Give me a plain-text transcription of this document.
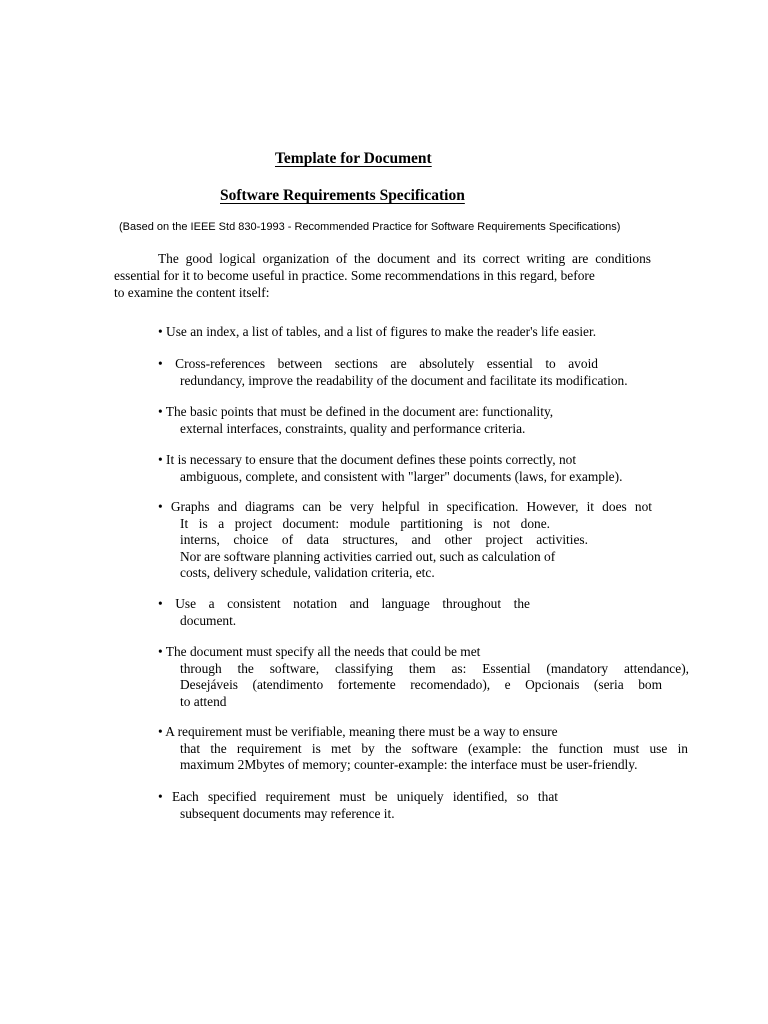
Template for Document
Software Requirements Specification
(Based on the IEEE Std 830-1993 - Recommended Practice for Software Requirements Specifications)
The good logical organization of the document and its correct writing are conditions
essential for it to become useful in practice. Some recommendations in this regard, before
to examine the content itself:
• Use an index, a list of tables, and a list of figures to make the reader's life easier.
• Cross-references between sections are absolutely essential to avoid
redundancy, improve the readability of the document and facilitate its modification.
• The basic points that must be defined in the document are: functionality,
external interfaces, constraints, quality and performance criteria.
• It is necessary to ensure that the document defines these points correctly, not
ambiguous, complete, and consistent with "larger" documents (laws, for example).
• Graphs and diagrams can be very helpful in specification. However, it does not
It is a project document: module partitioning is not done.
interns, choice of data structures, and other project activities.
Nor are software planning activities carried out, such as calculation of
costs, delivery schedule, validation criteria, etc.
• Use a consistent notation and language throughout the
document.
• The document must specify all the needs that could be met
through the software, classifying them as: Essential (mandatory attendance),
Desejáveis (atendimento fortemente recomendado), e Opcionais (seria bom
to attend
• A requirement must be verifiable, meaning there must be a way to ensure
that the requirement is met by the software (example: the function must use in
maximum 2Mbytes of memory; counter-example: the interface must be user-friendly.
• Each specified requirement must be uniquely identified, so that
subsequent documents may reference it.
